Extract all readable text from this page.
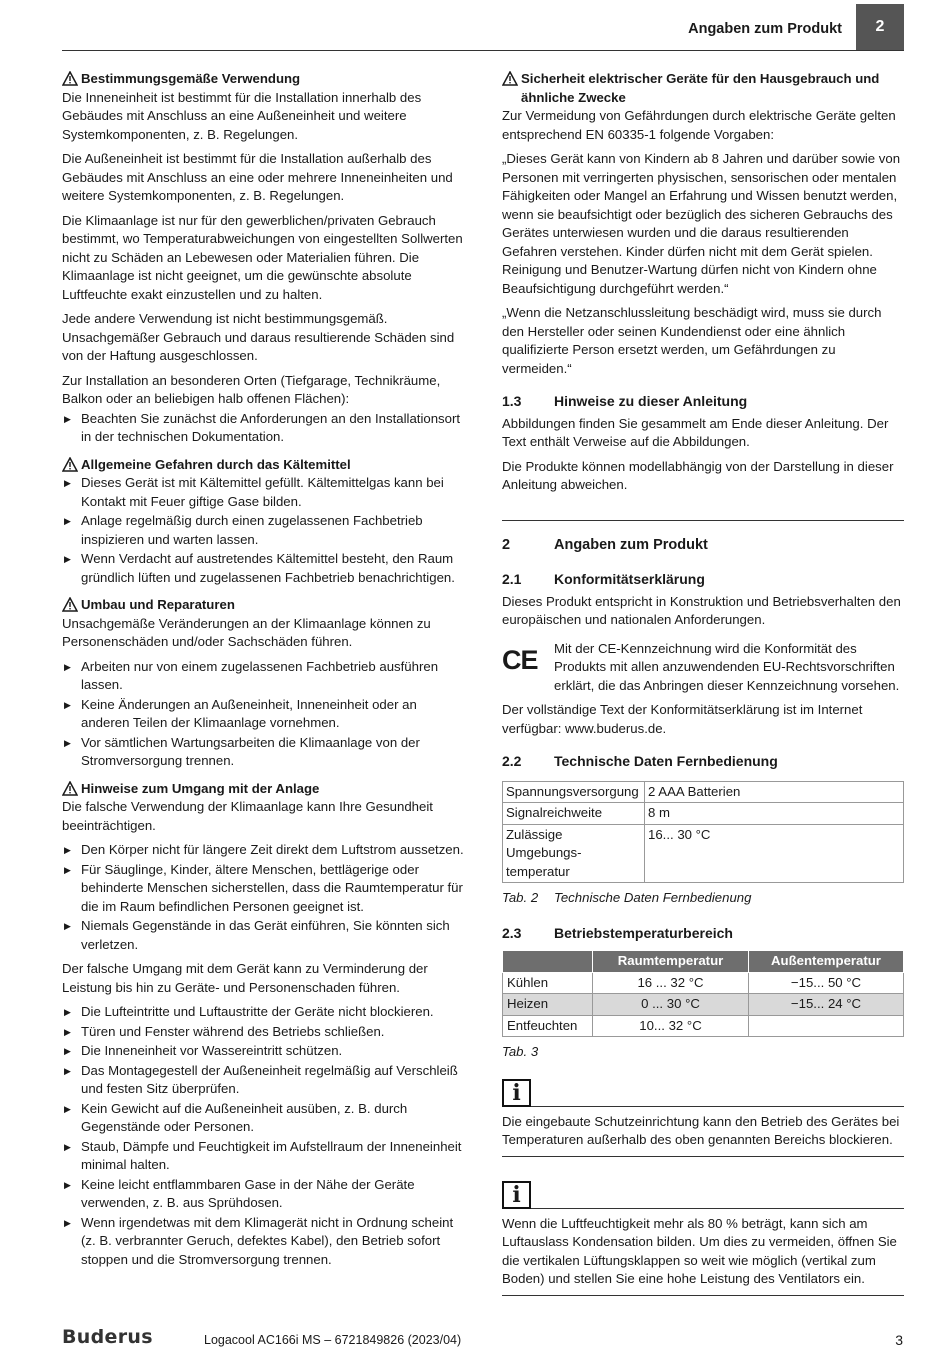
Angaben zum Produkt	2
Bestimmungsgemäße Verwendung

Die Inneneinheit ist bestimmt für die Installation innerhalb des Gebäudes mit Anschluss an eine Außeneinheit und weitere Systemkomponenten, z. B. Regelungen.

Die Außeneinheit ist bestimmt für die Installation außerhalb des Gebäudes mit Anschluss an eine oder mehrere Inneneinheiten und weitere Systemkomponenten, z. B. Regelungen.

Die Klimaanlage ist nur für den gewerblichen/privaten Gebrauch bestimmt, wo Temperaturabweichungen von eingestellten Sollwerten nicht zu Schäden an Lebewesen oder Materialien führen. Die Klimaanlage ist nicht geeignet, um die gewünschte absolute Luftfeuchte exakt einzustellen und zu halten.

Jede andere Verwendung ist nicht bestimmungsgemäß. Unsachgemäßer Gebrauch und daraus resultierende Schäden sind von der Haftung ausgeschlossen.

Zur Installation an besonderen Orten (Tiefgarage, Technikräume, Balkon oder an beliebigen halb offenen Flächen):

▶ Beachten Sie zunächst die Anforderungen an den Installationsort in der technischen Dokumentation.
Allgemeine Gefahren durch das Kältemittel
▶ Dieses Gerät ist mit Kältemittel gefüllt. Kältemittelgas kann bei Kontakt mit Feuer giftige Gase bilden.
▶ Anlage regelmäßig durch einen zugelassenen Fachbetrieb inspizieren und warten lassen.
▶ Wenn Verdacht auf austretendes Kältemittel besteht, den Raum gründlich lüften und zugelassenen Fachbetrieb benachrichtigen.
Umbau und Reparaturen

Unsachgemäße Veränderungen an der Klimaanlage können zu Personenschäden und/oder Sachschäden führen.

▶ Arbeiten nur von einem zugelassenen Fachbetrieb ausführen lassen.
▶ Keine Änderungen an Außeneinheit, Inneneinheit oder an anderen Teilen der Klimaanlage vornehmen.
▶ Vor sämtlichen Wartungsarbeiten die Klimaanlage von der Stromversorgung trennen.
Hinweise zum Umgang mit der Anlage

Die falsche Verwendung der Klimaanlage kann Ihre Gesundheit beeinträchtigen.

▶ Den Körper nicht für längere Zeit direkt dem Luftstrom aussetzen.
▶ Für Säuglinge, Kinder, ältere Menschen, bettlägerige oder behinderte Menschen sicherstellen, dass die Raumtemperatur für die im Raum befindlichen Personen geeignet ist.
▶ Niemals Gegenstände in das Gerät einführen, Sie könnten sich verletzen.

Der falsche Umgang mit dem Gerät kann zu Verminderung der Leistung bis hin zu Geräte- und Personenschaden führen.

▶ Die Lufteintritte und Luftaustritte der Geräte nicht blockieren.
▶ Türen und Fenster während des Betriebs schließen.
▶ Die Inneneinheit vor Wassereintritt schützen.
▶ Das Montagegestell der Außeneinheit regelmäßig auf Verschleiß und festen Sitz überprüfen.
▶ Kein Gewicht auf die Außeneinheit ausüben, z. B. durch Gegenstände oder Personen.
▶ Staub, Dämpfe und Feuchtigkeit im Aufstellraum der Inneneinheit minimal halten.
▶ Keine leicht entflammbaren Gase in der Nähe der Geräte verwenden, z. B. aus Sprühdosen.
▶ Wenn irgendetwas mit dem Klimagerät nicht in Ordnung scheint (z. B. verbrannter Geruch, defektes Kabel), den Betrieb sofort stoppen und die Stromversorgung trennen.
Sicherheit elektrischer Geräte für den Hausgebrauch und ähnliche Zwecke

Zur Vermeidung von Gefährdungen durch elektrische Geräte gelten entsprechend EN 60335-1 folgende Vorgaben:

„Dieses Gerät kann von Kindern ab 8 Jahren und darüber sowie von Personen mit verringerten physischen, sensorischen oder mentalen Fähigkeiten oder Mangel an Erfahrung und Wissen benutzt werden, wenn sie beaufsichtigt oder bezüglich des sicheren Gebrauchs des Gerätes unterwiesen wurden und die daraus resultierenden Gefahren verstehen. Kinder dürfen nicht mit dem Gerät spielen. Reinigung und Benutzer-Wartung dürfen nicht von Kindern ohne Beaufsichtigung durchgeführt werden.“

„Wenn die Netzanschlussleitung beschädigt wird, muss sie durch den Hersteller oder seinen Kundendienst oder eine ähnlich qualifizierte Person ersetzt werden, um Gefährdungen zu vermeiden.“

1.3	Hinweise zu dieser Anleitung

Abbildungen finden Sie gesammelt am Ende dieser Anleitung. Der Text enthält Verweise auf die Abbildungen.

Die Produkte können modellabhängig von der Darstellung in dieser Anleitung abweichen.

2	Angaben zum Produkt
2.1	Konformitätserklärung

Dieses Produkt entspricht in Konstruktion und Betriebsverhalten den europäischen und nationalen Anforderungen.

CE	Mit der CE-Kennzeichnung wird die Konformität des Produkts mit allen anzuwendenden EU-Rechtsvorschriften erklärt, die das Anbringen dieser Kennzeichnung vorsehen.

Der vollständige Text der Konformitätserklärung ist im Internet verfügbar: www.buderus.de.

2.2	Technische Daten Fernbedienung
Spannungsversorgung	2 AAA Batterien
Signalreichweite	8 m
Zulässige Umgebungs-temperatur	16... 30 °C
Tab. 2	Technische Daten Fernbedienung
2.3	Betriebstemperaturbereich
	Raumtemperatur	Außentemperatur
Kühlen	16 ... 32 °C	−15... 50 °C
Heizen	0 ... 30 °C	−15... 24 °C
Entfeuchten	10... 32 °C	
Tab. 3
i

Die eingebaute Schutzeinrichtung kann den Betrieb des Gerätes bei Temperaturen außerhalb des oben genannten Bereichs blockieren.

i

Wenn die Luftfeuchtigkeit mehr als 80 % beträgt, kann sich am Luftauslass Kondensation bilden. Um dies zu vermeiden, öffnen Sie die vertikalen Lüftungsklappen so weit wie möglich (vertikal zum Boden) und stellen Sie eine hohe Leistung des Ventilators ein.

Buderus	Logacool AC166i MS – 6721849826 (2023/04)	3
